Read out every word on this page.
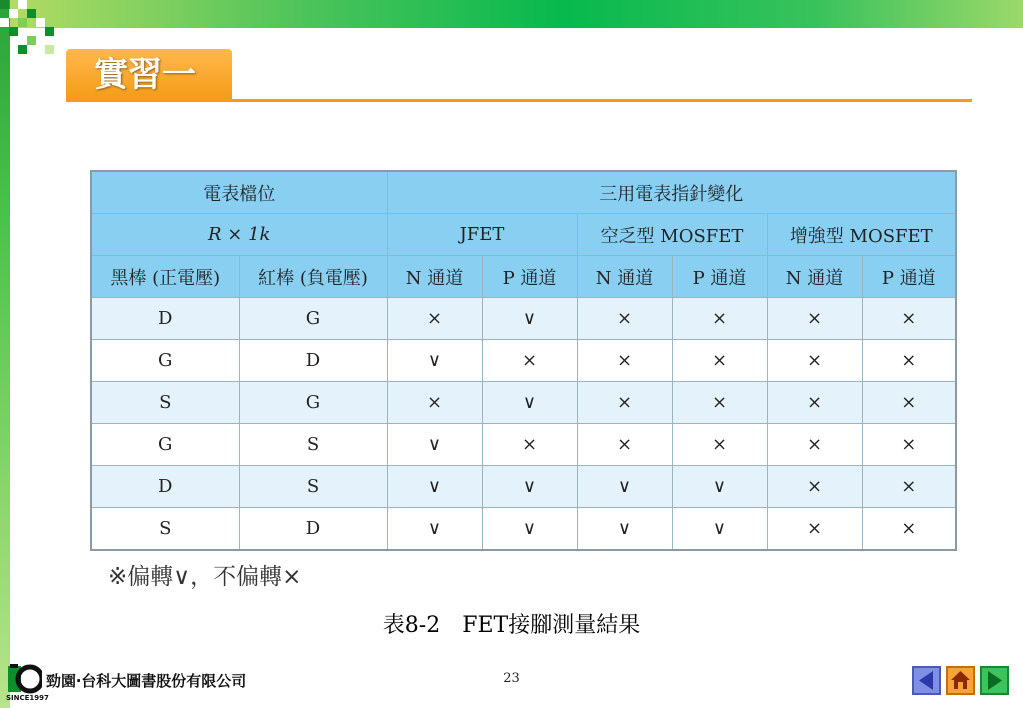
實習一
電表檔位		三用電表指針變化					
R × 1k		JFET		空乏型 MOSFET		增強型 MOSFET	
黑棒 (正電壓)	紅棒 (負電壓)	N 通道	P 通道	N 通道	P 通道	N 通道	P 通道
D	G	×	∨	×	×	×	×
G	D	∨	×	×	×	×	×
S	G	×	∨	×	×	×	×
G	S	∨	×	×	×	×	×
D	S	∨	∨	∨	∨	×	×
S	D	∨	∨	∨	∨	×	×
※偏轉∨，不偏轉×
表8-2　FET接腳測量結果
SINCE1997
勁園‧台科大圖書股份有限公司	23
